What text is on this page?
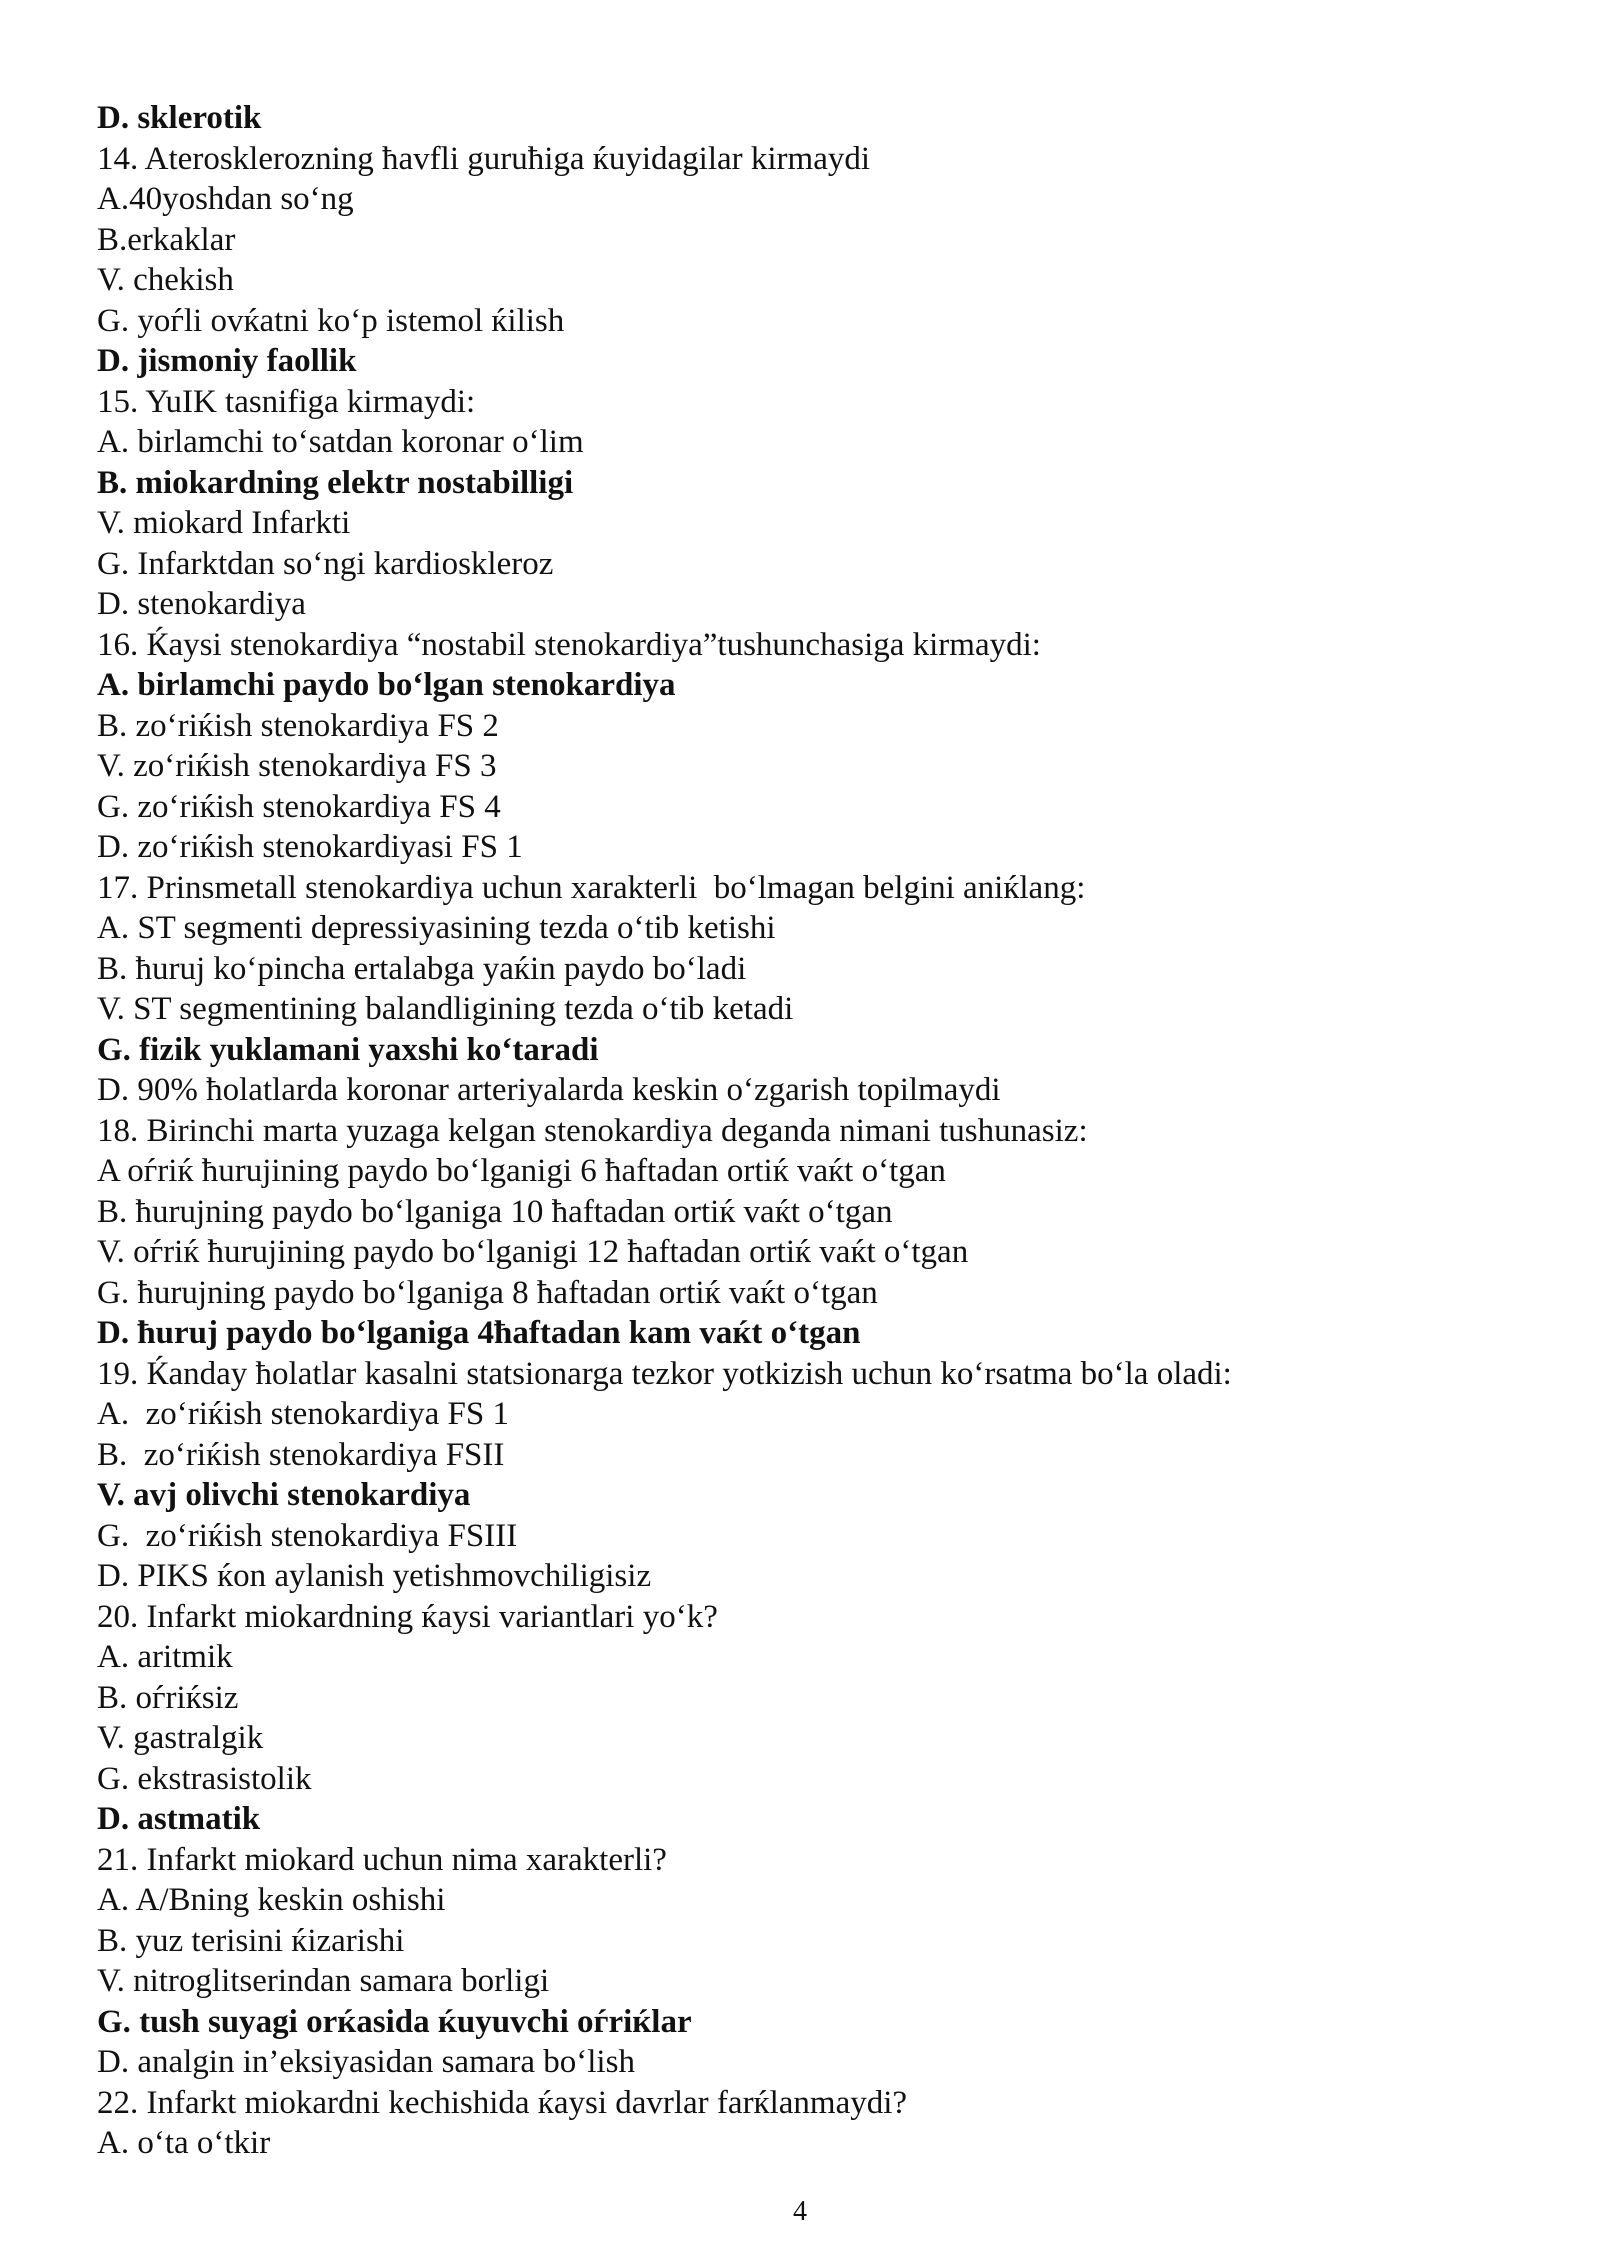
D. sklerotik
14. Aterosklerozning ћavfli guruћiga ќuyidagilar kirmaydi
A.40yoshdan so‘ng
B.erkaklar
V. chekish
G. yoѓli ovќatni ko‘p istemol ќilish
D. jismoniy faollik
15. YuIK tasnifiga kirmaydi:
A. birlamchi to‘satdan koronar o‘lim
B. miokardning elektr nostabilligi
V. miokard Infarkti
G. Infarktdan so‘ngi kardioskleroz
D. stenokardiya
16. Ќaysi stenokardiya “nostabil stenokardiya”tushunchasiga kirmaydi:
A. birlamchi paydo bo‘lgan stenokardiya
B. zo‘riќish stenokardiya FS 2
V. zo‘riќish stenokardiya FS 3
G. zo‘riќish stenokardiya FS 4
D. zo‘riќish stenokardiyasi FS 1
17. Prinsmetall stenokardiya uchun xarakterli  bo‘lmagan belgini aniќlang:
A. ST segmenti depressiyasining tezda o‘tib ketishi
B. ћuruj ko‘pincha ertalabga yaќin paydo bo‘ladi
V. ST segmentining balandligining tezda o‘tib ketadi
G. fizik yuklamani yaxshi ko‘taradi
D. 90% ћolatlarda koronar arteriyalarda keskin o‘zgarish topilmaydi
18. Birinchi marta yuzaga kelgan stenokardiya deganda nimani tushunasiz:
A oѓriќ ћurujining paydo bo‘lganigi 6 ћaftadan ortiќ vaќt o‘tgan
B. ћurujning paydo bo‘lganiga 10 ћaftadan ortiќ vaќt o‘tgan
V. oѓriќ ћurujining paydo bo‘lganigi 12 ћaftadan ortiќ vaќt o‘tgan
G. ћurujning paydo bo‘lganiga 8 ћaftadan ortiќ vaќt o‘tgan
D. ћuruj paydo bo‘lganiga 4ћaftadan kam vaќt o‘tgan
19. Ќanday ћolatlar kasalni statsionarga tezkor yotkizish uchun ko‘rsatma bo‘la oladi:
A.  zo‘riќish stenokardiya FS 1
B.  zo‘riќish stenokardiya FSII
V. avj olivchi stenokardiya
G.  zo‘riќish stenokardiya FSIII
D. PIKS ќon aylanish yetishmovchiligisiz
20. Infarkt miokardning ќaysi variantlari yo‘k?
A. aritmik
B. oѓriќsiz
V. gastralgik
G. ekstrasistolik
D. astmatik
21. Infarkt miokard uchun nima xarakterli?
A. A/Bning keskin oshishi
B. yuz terisini ќizarishi
V. nitroglitserindan samara borligi
G. tush suyagi orќasida ќuyuvchi oѓriќlar
D. analgin in’eksiyasidan samara bo‘lish
22. Infarkt miokardni kechishida ќaysi davrlar farќlanmaydi?
A. o‘ta o‘tkir
4
